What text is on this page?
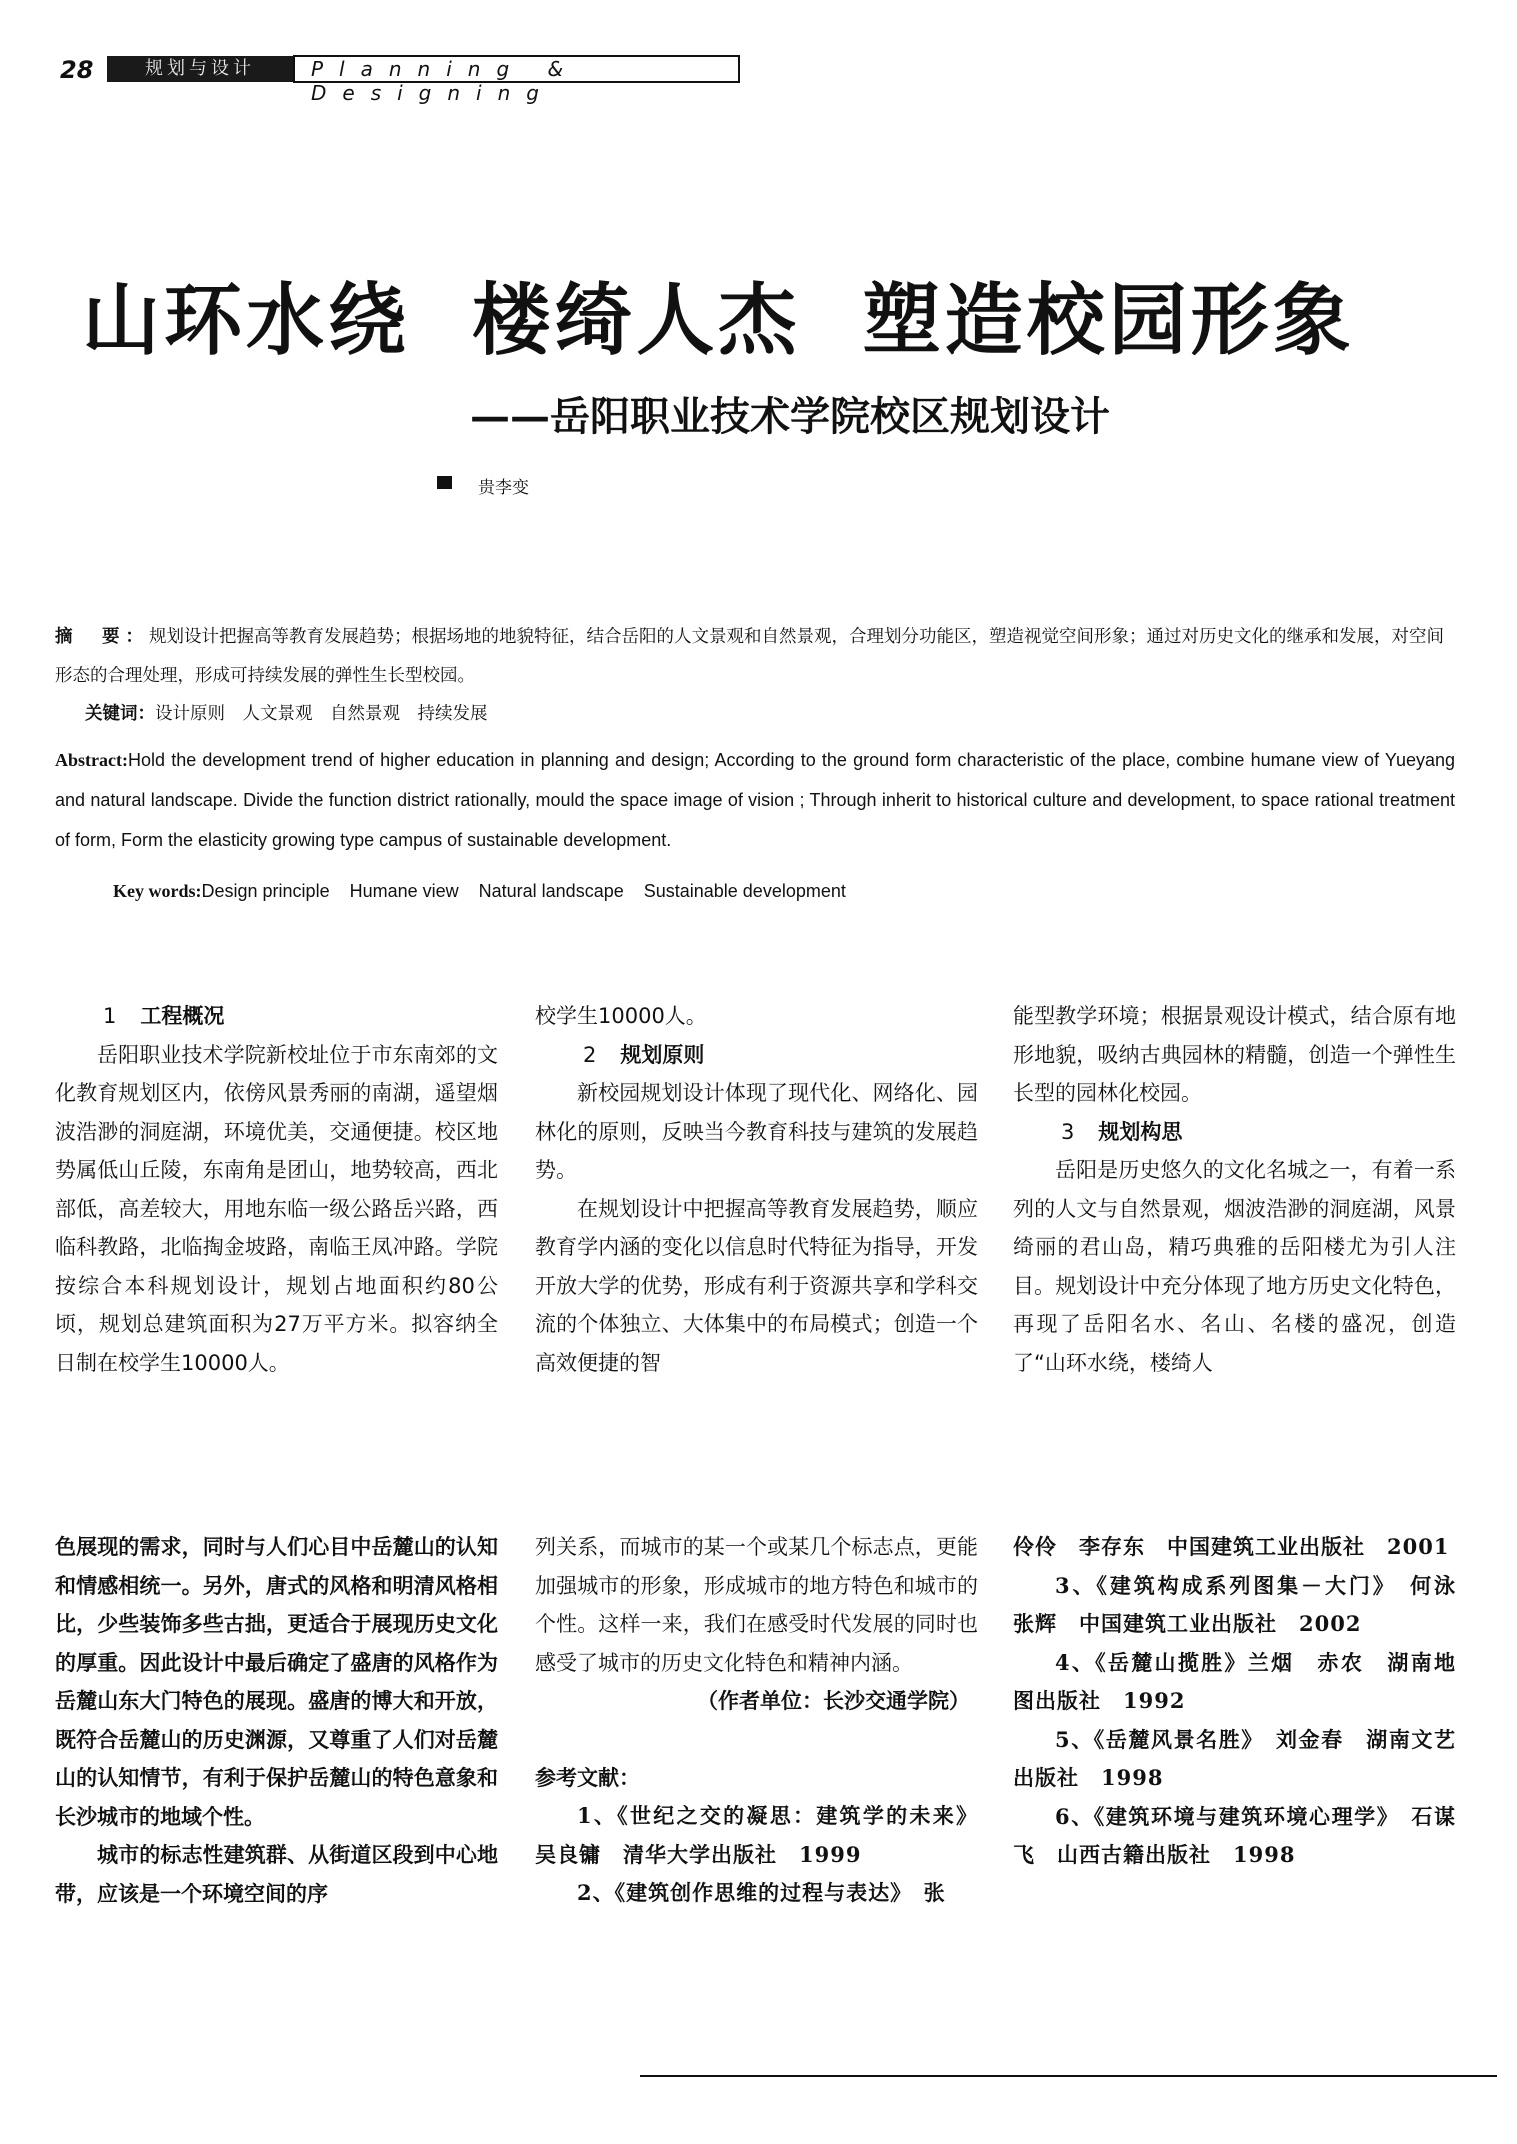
28	规划与设计	Planning & Designing
山环水绕  楼绮人杰  塑造校园形象
——岳阳职业技术学院校区规划设计
贵李变
摘　要：规划设计把握高等教育发展趋势；根据场地的地貌特征，结合岳阳的人文景观和自然景观，合理划分功能区，塑造视觉空间形象；通过对历史文化的继承和发展，对空间形态的合理处理，形成可持续发展的弹性生长型校园。
关键词：设计原则　人文景观　自然景观　持续发展
Abstract:Hold the development trend of higher education in planning and design; According to the ground form characteristic of the place, combine humane view of Yueyang and natural landscape. Divide the function district rationally, mould the space image of vision ; Through inherit to historical culture and development, to space rational treatment of form, Form the elasticity growing type campus of sustainable development.

Key words:Design principle    Humane view    Natural landscape    Sustainable development

1 工程概况

岳阳职业技术学院新校址位于市东南郊的文化教育规划区内，依傍风景秀丽的南湖，遥望烟波浩渺的洞庭湖，环境优美，交通便捷。校区地势属低山丘陵，东南角是团山，地势较高，西北部低，高差较大，用地东临一级公路岳兴路，西临科教路，北临掏金坡路，南临王凤冲路。学院按综合本科规划设计，规划占地面积约80公顷，规划总建筑面积为27万平方米。拟容纳全日制在校学生10000人。

校学生10000人。

2 规划原则

新校园规划设计体现了现代化、网络化、园林化的原则，反映当今教育科技与建筑的发展趋势。

在规划设计中把握高等教育发展趋势，顺应教育学内涵的变化以信息时代特征为指导，开发开放大学的优势，形成有利于资源共享和学科交流的个体独立、大体集中的布局模式；创造一个高效便捷的智

能型教学环境；根据景观设计模式，结合原有地形地貌，吸纳古典园林的精髓，创造一个弹性生长型的园林化校园。

3 规划构思

岳阳是历史悠久的文化名城之一，有着一系列的人文与自然景观，烟波浩渺的洞庭湖，风景绮丽的君山岛，精巧典雅的岳阳楼尤为引人注目。规划设计中充分体现了地方历史文化特色，再现了岳阳名水、名山、名楼的盛况，创造了“山环水绕，楼绮人

色展现的需求，同时与人们心目中岳麓山的认知和情感相统一。另外，唐式的风格和明清风格相比，少些装饰多些古拙，更适合于展现历史文化的厚重。因此设计中最后确定了盛唐的风格作为岳麓山东大门特色的展现。盛唐的博大和开放，既符合岳麓山的历史渊源，又尊重了人们对岳麓山的认知情节，有利于保护岳麓山的特色意象和长沙城市的地域个性。

城市的标志性建筑群、从街道区段到中心地带，应该是一个环境空间的序

列关系，而城市的某一个或某几个标志点，更能加强城市的形象，形成城市的地方特色和城市的个性。这样一来，我们在感受时代发展的同时也感受了城市的历史文化特色和精神内涵。

（作者单位：长沙交通学院）

参考文献：

1、《世纪之交的凝思：建筑学的未来》吴良镛　清华大学出版社　1999

2、《建筑创作思维的过程与表达》　张

伶伶　李存东　中国建筑工业出版社　2001

3、《建筑构成系列图集－大门》　何泳　张辉　中国建筑工业出版社　2002

4、《岳麓山揽胜》兰烟　赤农　湖南地图出版社　1992

5、《岳麓风景名胜》　刘金春　湖南文艺出版社　1998

6、《建筑环境与建筑环境心理学》　石谋飞　山西古籍出版社　1998
